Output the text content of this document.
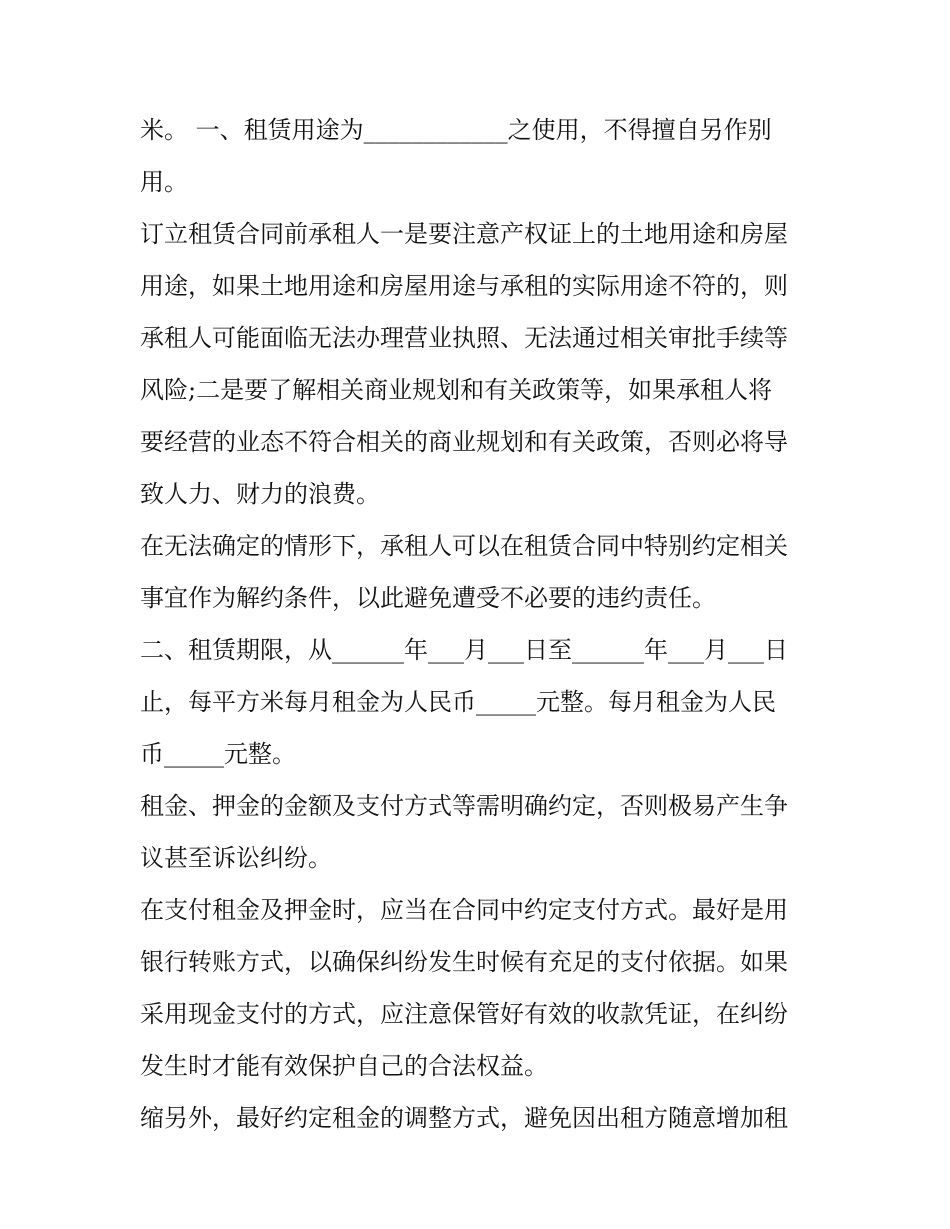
米。 一、租赁用途为____________之使用，不得擅自另作别
用。
订立租赁合同前承租人一是要注意产权证上的土地用途和房屋
用途，如果土地用途和房屋用途与承租的实际用途不符的，则
承租人可能面临无法办理营业执照、无法通过相关审批手续等
风险;二是要了解相关商业规划和有关政策等，如果承租人将
要经营的业态不符合相关的商业规划和有关政策，否则必将导
致人力、财力的浪费。
在无法确定的情形下，承租人可以在租赁合同中特别约定相关
事宜作为解约条件，以此避免遭受不必要的违约责任。
二、租赁期限，从______年___月___日至______年___月___日
止，每平方米每月租金为人民币_____元整。每月租金为人民
币_____元整。
租金、押金的金额及支付方式等需明确约定，否则极易产生争
议甚至诉讼纠纷。
在支付租金及押金时，应当在合同中约定支付方式。最好是用
银行转账方式，以确保纠纷发生时候有充足的支付依据。如果
采用现金支付的方式，应注意保管好有效的收款凭证，在纠纷
发生时才能有效保护自己的合法权益。
缩另外，最好约定租金的调整方式，避免因出租方随意增加租
